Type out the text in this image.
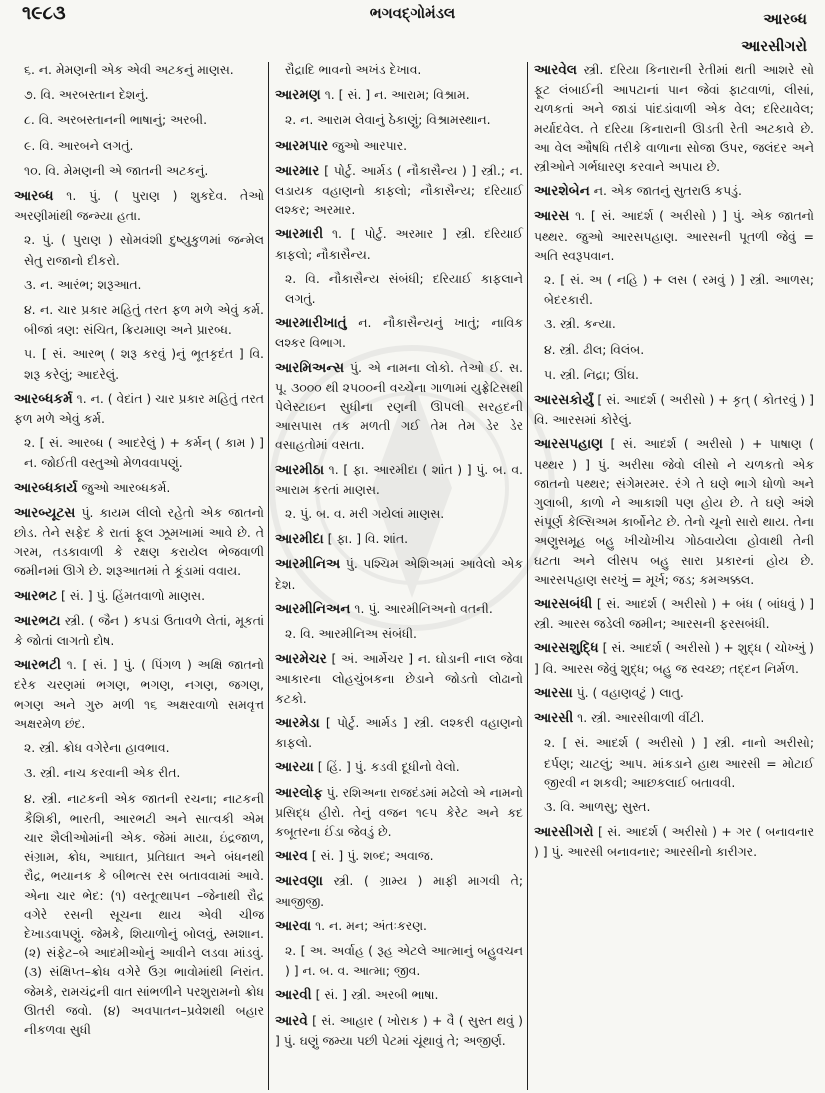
૧૯૮૩	ભગવદ્ગોમંડલ	આરબ્ધ
આરસીગરો

૬. ન. મેમણની એક એવી અટકનું માણસ.

૭. વિ. અરબસ્તાન દેશનું.

૮. વિ. અરબસ્તાનની ભાષાનું; અરબી.

૯. વિ. આરબને લગતું.

૧૦. વિ. મેમણની એ જાતની અટકનું.

આરબ્ધ ૧. પું. ( પુરાણ ) શુકદેવ. તેઓ અરણીમાંથી જન્મ્યા હતા.

૨. પું. ( પુરાણ ) સોમવંશી દુષ્યુકુળમાં જન્મેલ સેતુ રાજાનો દીકરો.

૩. ન. આરંભ; શરૂઆત.

૪. ન. ચાર પ્રકાર મહિતું તરત ફળ મળે એવું કર્મ. બીજાં ત્રણ: સંચિત, ક્રિયમાણ અને પ્રારબ્ધ.

૫. [ સં. આરભ્ ( શરૂ કરવું )નું ભૂતકૃદંત ] વિ. શરૂ કરેલું; આદરેલું.

આરબ્ધકર્મ ૧. ન. ( વેદાંત ) ચાર પ્રકાર મહિતું તરત ફળ મળે એવું કર્મ.

૨. [ સં. આરબ્ધ ( આદરેલું ) + કર્મન્ ( કામ ) ] ન. જોઈતી વસ્તુઓ મેળવવાપણું.

આરબ્ધકાર્ય જુઓ આરબ્ધકર્મ.

આરબ્યૂટસ પું. કાયમ લીલો રહેતો એક જાતનો છોડ. તેને સફેદ કે રાતાં ફૂલ ઝૂમખામાં આવે છે. તે ગરમ, તડકાવાળી કે રક્ષણ કરાયેલ ભેજવાળી જમીનમાં ઊગે છે. શરૂઆતમાં તે કૂંડામાં વવાય.

આરભટ [ સં. ] પું. હિંમતવાળો માણસ.

આરભટા સ્ત્રી. ( જૈન ) કપડાં ઉતાવળે લેતાં, મૂકતાં કે જોતાં લાગતો દોષ.

આરભટી ૧. [ સં. ] પું. ( પિંગળ ) અક્ષિ જાતનો દરેક ચરણમાં ભગણ, ભગણ, નગણ, જગણ, ભગણ અને ગુરુ મળી ૧૬ અક્ષરવાળો સમવૃત્ત અક્ષરમેળ છંદ.

૨. સ્ત્રી. ક્રોધ વગેરેના હાવભાવ.

૩. સ્ત્રી. નાચ કરવાની એક રીત.

૪. સ્ત્રી. નાટકની એક જાતની રચના; નાટકની કૈશિકી, ભારતી, આરભટી અને સાત્વકી એમ ચાર શૈલીઓમાંની એક. જેમાં માયા, ઇંદ્રજાળ, સંગ્રામ, ક્રોધ, આઘાત, પ્રતિઘાત અને બંધનથી રૌદ્ર, ભયાનક કે બીભત્સ રસ બતાવવામાં આવે. એના ચાર ભેદ: (૧) વસ્તૂત્થાપન –જેનાથી રૌદ્ર વગેરે રસની સૂચના થાય એવી ચીજ દેખાડવાપણું. જેમકે, શિયાળોનું બોલવું, સ્મશાન. (૨) સંફેટ–બે આદમીઓનું આવીને લડવા માંડવું. (૩) સંક્ષિપ્ત–ક્રોધ વગેરે ઉગ્ર ભાવોમાંથી નિરાંત. જેમકે, રામચંદ્રની વાત સાંભળીને પરશુરામનો ક્રોધ ઊતરી જવો. (૪) અવપાતન–પ્રવેશથી બહાર નીકળવા સુધી

રૌદ્રાદિ ભાવનો અખંડ દેખાવ.

આરમણ ૧. [ સં. ] ન. આરામ; વિશ્રામ.

૨. ન. આરામ લેવાનું ઠેકાણું; વિશ્રામસ્થાન.

આરમપાર જુઓ આરપાર.

આરમાર [ પોર્ટુ. આર્મડ ( નૌકાસૈન્ય ) ] સ્ત્રી.; ન. લડાયક વહાણનો કાફલો; નૌકાસૈન્ય; દરિયાઈ લશ્કર; અરમાર.

આરમારી ૧. [ પોર્ટુ. અરમાર ] સ્ત્રી. દરિયાઈ કાફલો; નૌકાસૈન્ય.

૨. વિ. નૌકાસૈન્ય સંબંધી; દરિયાઈ કાફલાને લગતું.

આરમારીખાતું ન. નૌકાસૈન્યનું ખાતું; નાવિક લશ્કર વિભાગ.

આરમિઅન્સ પું. એ નામના લોકો. તેઓ ઈ. સ. પૂ. ૩૦૦૦ થી ૨૫૦૦ની વચ્ચેના ગાળામાં યુફ્રેટિસથી પેલેસ્ટાઇન સુધીના રણની ઊપલી સરહદની આસપાસ તક મળતી ગઈ તેમ તેમ ડેર ડેર વસાહતોમાં વસતા.

આરમીઠા ૧. [ ફા. આરમીદા ( શાંત ) ] પું. બ. વ. આરામ કરતાં માણસ.

૨. પું. બ. વ. મરી ગયેલાં માણસ.

આરમીદા [ ફા. ] વિ. શાંત.

આરમીનિઅ પું. પશ્ચિમ એશિઅમાં આવેલો એક દેશ.

આરમીનિઅન ૧. પું. આરમીનિઅનો વતની.

૨. વિ. આરમીનિઅ સંબંધી.

આરમેચર [ અં. આર્મેચર ] ન. ઘોડાની નાલ જેવા આકારના લોહચુંબકના છેડાને જોડતો લોઢાનો કટકો.

આરમેડા [ પોર્ટુ. આર્મડ ] સ્ત્રી. લશ્કરી વહાણનો કાફલો.

આરયા [ હિં. ] પું. કડવી દૂધીનો વેલો.

આરલોફ પું. રશિઅના રાજદંડમાં મઢેલો એ નામનો પ્રસિદ્ધ હીરો. તેનું વજન ૧૯૫ કેરેટ અને કદ કબૂતરના ઈંડા જેવડું છે.

આરવ [ સં. ] પું. શબ્દ; અવાજ.

આરવણા સ્ત્રી. ( ગ્રામ્ય ) માફી માગવી તે; આજીજી.

આરવા ૧. ન. મન; અંતઃકરણ.

૨. [ અ. અર્વાહ ( રૂહ એટલે આત્માનું બહુવચન ) ] ન. બ. વ. આત્મા; જીવ.

આરવી [ સં. ] સ્ત્રી. અરબી ભાષા.

આરવે [ સં. આહાર ( ખોરાક ) + વૈ ( સુસ્ત થવું ) ] પું. ઘણું જમ્યા પછી પેટમાં ચૂંથાવું તે; અજીર્ણ.

આરવેલ સ્ત્રી. દરિયા કિનારાની રેતીમાં થતી આશરે સો ફૂટ લંબાઈની આપટાનાં પાન જેવાં ફાટવાળાં, લીસાં, ચળકતાં અને જાડાં પાંદડાંવાળી એક વેલ; દરિયાવેલ; મર્યાદવેલ. તે દરિયા કિનારાની ઊડતી રેતી અટકાવે છે. આ વેલ ઔષધિ તરીકે વાળાના સોજા ઉપર, જલંદર અને સ્ત્રીઓને ગર્ભધારણ કરવાને અપાય છે.

આરશેબેન ન. એક જાતનું સુતરાઉ કપડું.

આરસ ૧. [ સં. આદર્શ ( અરીસો ) ] પું. એક જાતનો પથ્થર. જુઓ આરસપહાણ. આરસની પૂતળી જેવું = અતિ સ્વરૂપવાન.

૨. [ સં. અ ( નહિ ) + લસ ( રમવું ) ] સ્ત્રી. આળસ; બેદરકારી.

૩. સ્ત્રી. કન્યા.

૪. સ્ત્રી. ઢીલ; વિલંબ.

૫. સ્ત્રી. નિદ્રા; ઊંઘ.

આરસકોર્યું [ સં. આદર્શ ( અરીસો ) + કૃત્ ( કોતરવું ) ] વિ. આરસમાં કોરેલું.

આરસપહાણ [ સં. આદર્શ ( અરીસો ) + પાષાણ ( પથ્થર ) ] પું. અરીસા જેવો લીસો ને ચળકતો એક જાતનો પથ્થર; સંગેમરમર. રંગે તે ઘણે ભાગે ધોળો અને ગુલાબી, કાળો ને આકાશી પણ હોય છે. તે ઘણે અંશે સંપૂર્ણ કેલ્સિઅમ કાર્બોનેટ છે. તેનો ચૂનો સારો થાય. તેના અણુસમૂહ બહુ ખીચોખીચ ગોઠવાયેલા હોવાથી તેની ઘટતા અને લીસપ બહુ સારા પ્રકારનાં હોય છે. આરસપહાણ સરખું = મૂર્ખ; જડ; કમઅક્કલ.

આરસબંધી [ સં. આદર્શ ( અરીસો ) + બંધ ( બાંધવું ) ] સ્ત્રી. આરસ જડેલી જમીન; આરસની ફરસબંધી.

આરસશુદ્ધિ [ સં. આદર્શ ( અરીસો ) + શુદ્ધ ( ચોખ્ખું ) ] વિ. આરસ જેવું શુદ્ધ; બહુ જ સ્વચ્છ; તદ્દન નિર્મળ.

આરસા પું. ( વહાણવટું ) લાતુ.

આરસી ૧. સ્ત્રી. આરસીવાળી વીંટી.

૨. [ સં. આદર્શ ( અરીસો ) ] સ્ત્રી. નાનો અરીસો; દર્પણ; ચાટલું; આપ. માંકડાને હાથ આરસી = મોટાઈ જીરવી ન શકવી; આછકલાઈ બતાવવી.

૩. વિ. આળસુ; સુસ્ત.

આરસીગરો [ સં. આદર્શ ( અરીસો ) + ગર ( બનાવનાર ) ] પું. આરસી બનાવનાર; આરસીનો કારીગર.
